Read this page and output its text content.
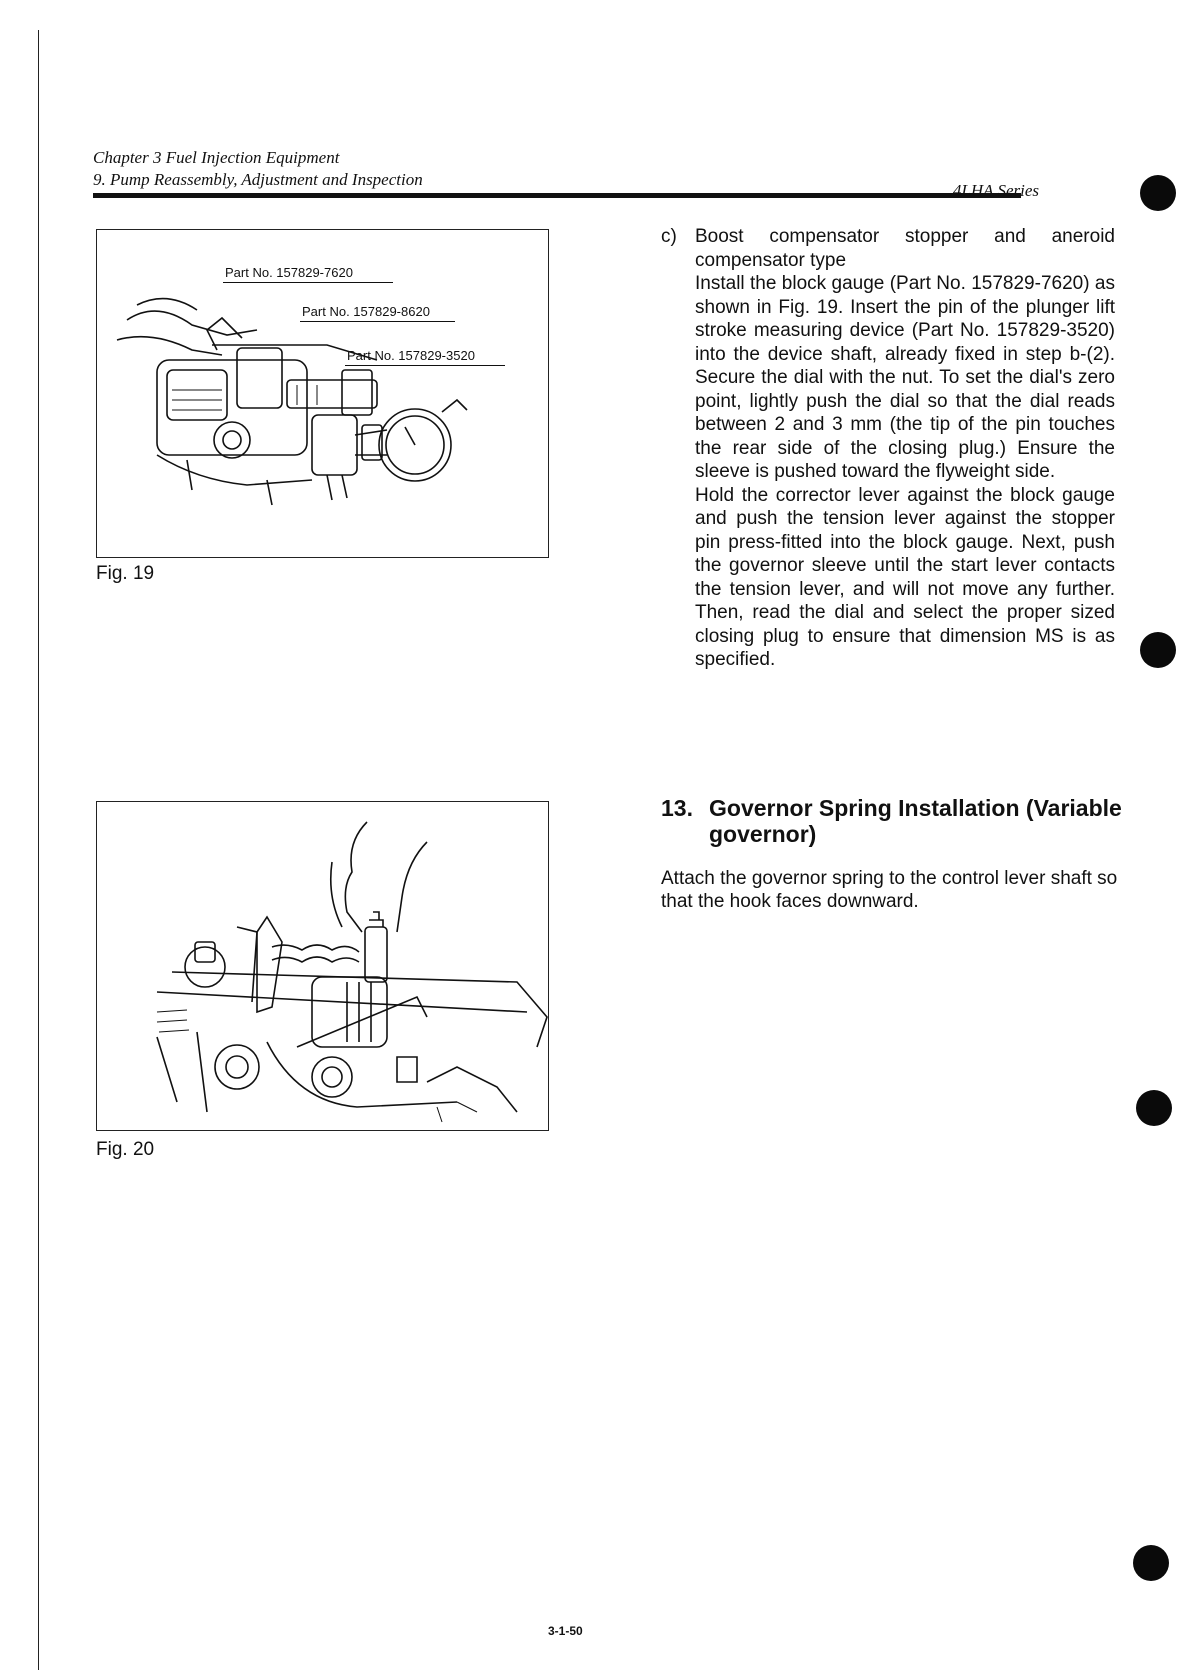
Chapter 3 Fuel Injection Equipment
9. Pump Reassembly, Adjustment and Inspection
4LHA Series
Part No. 157829-7620
Part No. 157829-8620
Part No. 157829-3520
Fig. 19
Fig. 20
c) Boost compensator stopper and aneroid compensator type

Install the block gauge (Part No. 157829-7620) as shown in Fig. 19. Insert the pin of the plunger lift stroke measuring device (Part No. 157829-3520) into the device shaft, already fixed in step b-(2). Secure the dial with the nut. To set the dial's zero point, lightly push the dial so that the dial reads between 2 and 3 mm (the tip of the pin touches the rear side of the closing plug.) Ensure the sleeve is pushed toward the flyweight side.

Hold the corrector lever against the block gauge and push the tension lever against the stopper pin press-fitted into the block gauge. Next, push the governor sleeve until the start lever contacts the tension lever, and will not move any further. Then, read the dial and select the proper sized closing plug to ensure that dimension MS is as specified.

13. Governor Spring Installation (Variable governor)
Attach the governor spring to the control lever shaft so that the hook faces downward.
3-1-50
